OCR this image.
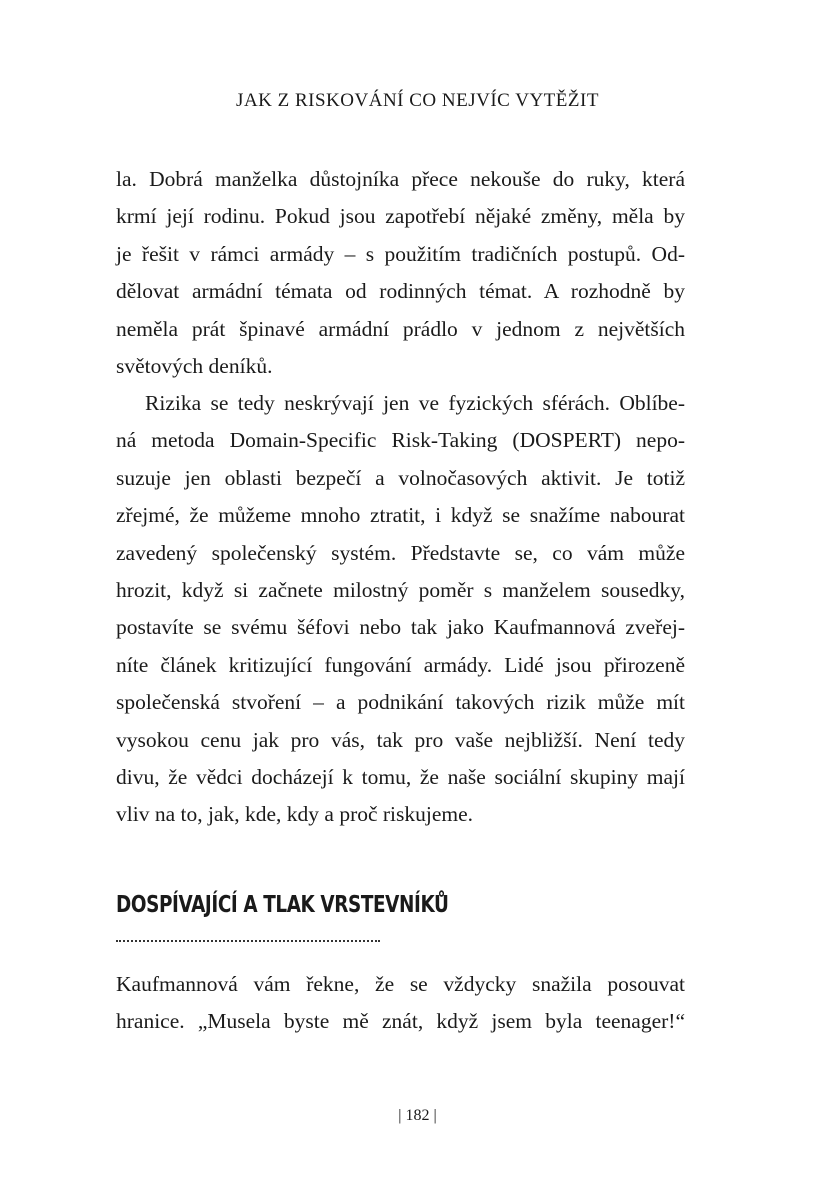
JAK Z RISKOVÁNÍ CO NEJVÍC VYTĚŽIT
la. Dobrá manželka důstojníka přece nekouše do ruky, která
krmí její rodinu. Pokud jsou zapotřebí nějaké změny, měla by
je řešit v rámci armády – s použitím tradičních postupů. Od-
dělovat armádní témata od rodinných témat. A rozhodně by
neměla prát špinavé armádní prádlo v jednom z největších
světových deníků.
Rizika se tedy neskrývají jen ve fyzických sférách. Oblíbe-
ná metoda Domain-Specific Risk-Taking (DOSPERT) nepo-
suzuje jen oblasti bezpečí a volnočasových aktivit. Je totiž
zřejmé, že můžeme mnoho ztratit, i když se snažíme nabourat
zavedený společenský systém. Představte se, co vám může
hrozit, když si začnete milostný poměr s manželem sousedky,
postavíte se svému šéfovi nebo tak jako Kaufmannová zveřej-
níte článek kritizující fungování armády. Lidé jsou přirozeně
společenská stvoření – a podnikání takových rizik může mít
vysokou cenu jak pro vás, tak pro vaše nejbližší. Není tedy
divu, že vědci docházejí k tomu, že naše sociální skupiny mají
vliv na to, jak, kde, kdy a proč riskujeme.
DOSPÍVAJÍCÍ A TLAK VRSTEVNÍKŮ
Kaufmannová vám řekne, že se vždycky snažila posouvat
hranice. „Musela byste mě znát, když jsem byla teenager!“
| 182 |
